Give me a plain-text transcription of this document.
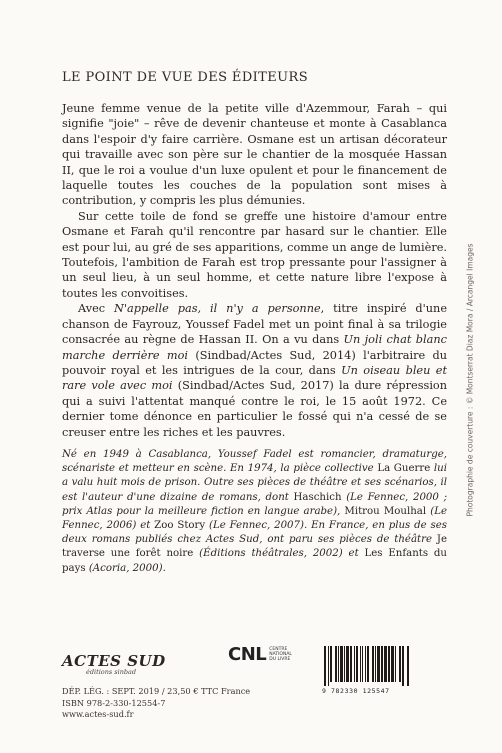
LE POINT DE VUE DES ÉDITEURS

Jeune femme venue de la petite ville d'Azemmour, Farah – qui signifie "joie" – rêve de devenir chanteuse et monte à Casablanca dans l'espoir d'y faire carrière. Osmane est un artisan décorateur qui travaille avec son père sur le chantier de la mosquée Hassan II, que le roi a voulue d'un luxe opulent et pour le financement de laquelle toutes les couches de la population sont mises à contribution, y compris les plus démunies.

Sur cette toile de fond se greffe une histoire d'amour entre Osmane et Farah qu'il rencontre par hasard sur le chantier. Elle est pour lui, au gré de ses apparitions, comme un ange de lumière. Toutefois, l'ambition de Farah est trop pressante pour l'assigner à un seul lieu, à un seul homme, et cette nature libre l'expose à toutes les convoitises.

Avec N'appelle pas, il n'y a personne, titre inspiré d'une chanson de Fayrouz, Youssef Fadel met un point final à sa trilogie consacrée au règne de Hassan II. On a vu dans Un joli chat blanc marche derrière moi (Sindbad/Actes Sud, 2014) l'arbitraire du pouvoir royal et les intrigues de la cour, dans Un oiseau bleu et rare vole avec moi (Sindbad/Actes Sud, 2017) la dure répression qui a suivi l'attentat manqué contre le roi, le 15 août 1972. Ce dernier tome dénonce en particulier le fossé qui n'a cessé de se creuser entre les riches et les pauvres.

Né en 1949 à Casablanca, Youssef Fadel est romancier, dramaturge, scénariste et metteur en scène. En 1974, la pièce collective La Guerre lui a valu huit mois de prison. Outre ses pièces de théâtre et ses scénarios, il est l'auteur d'une dizaine de romans, dont Haschich (Le Fennec, 2000 ; prix Atlas pour la meilleure fiction en langue arabe), Mitrou Moulhal (Le Fennec, 2006) et Zoo Story (Le Fennec, 2007). En France, en plus de ses deux romans publiés chez Actes Sud, ont paru ses pièces de théâtre Je traverse une forêt noire (Éditions théâtrales, 2002) et Les Enfants du pays (Acoria, 2000).

Photographie de couverture : © Montserrat Diaz Mora / Arcangel Images
ACTES SUD
éditions sinbad
CNL CENTRE NATIONAL DU LIVRE
DÉP. LÉG. : SEPT. 2019 / 23,50 € TTC France
ISBN 978-2-330-12554-7
www.actes-sud.fr
9 782330 125547
